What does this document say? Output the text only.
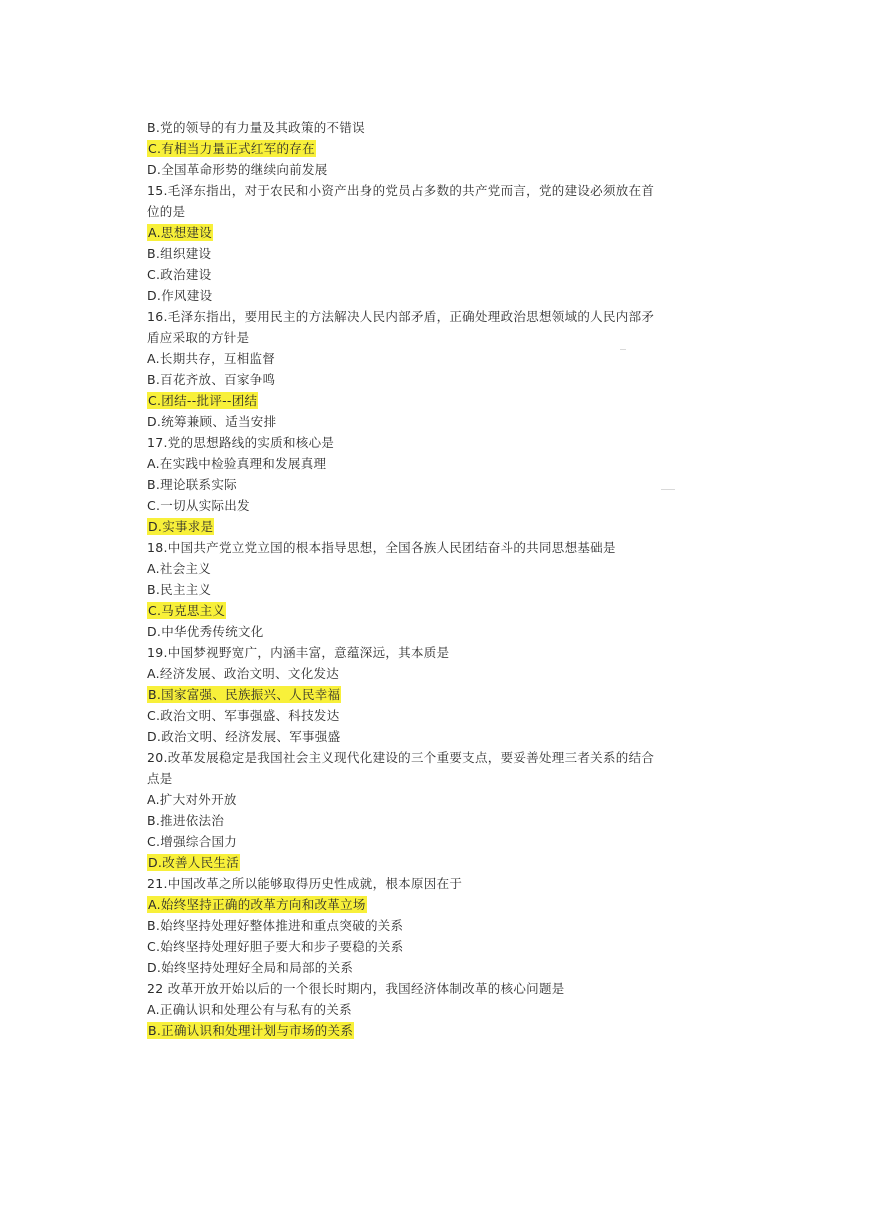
B.党的领导的有力量及其政策的不错误
C.有相当力量正式红军的存在
D.全国革命形势的继续向前发展
15.毛泽东指出，对于农民和小资产出身的党员占多数的共产党而言，党的建设必须放在首
位的是
A.思想建设
B.组织建设
C.政治建设
D.作风建设
16.毛泽东指出，要用民主的方法解决人民内部矛盾，正确处理政治思想领域的人民内部矛
盾应采取的方针是
A.长期共存，互相监督
B.百花齐放、百家争鸣
C.团结--批评--团结
D.统筹兼顾、适当安排
17.党的思想路线的实质和核心是
A.在实践中检验真理和发展真理
B.理论联系实际
C.一切从实际出发
D.实事求是
18.中国共产党立党立国的根本指导思想，全国各族人民团结奋斗的共同思想基础是
A.社会主义
B.民主主义
C.马克思主义
D.中华优秀传统文化
19.中国梦视野宽广，内涵丰富，意蕴深远，其本质是
A.经济发展、政治文明、文化发达
B.国家富强、民族振兴、人民幸福
C.政治文明、军事强盛、科技发达
D.政治文明、经济发展、军事强盛
20.改革发展稳定是我国社会主义现代化建设的三个重要支点，要妥善处理三者关系的结合
点是
A.扩大对外开放
B.推进依法治
C.增强综合国力
D.改善人民生活
21.中国改革之所以能够取得历史性成就，根本原因在于
A.始终坚持正确的改革方向和改革立场
B.始终坚持处理好整体推进和重点突破的关系
C.始终坚持处理好胆子要大和步子要稳的关系
D.始终坚持处理好全局和局部的关系
22 改革开放开始以后的一个很长时期内，我国经济体制改革的核心问题是
A.正确认识和处理公有与私有的关系
B.正确认识和处理计划与市场的关系
